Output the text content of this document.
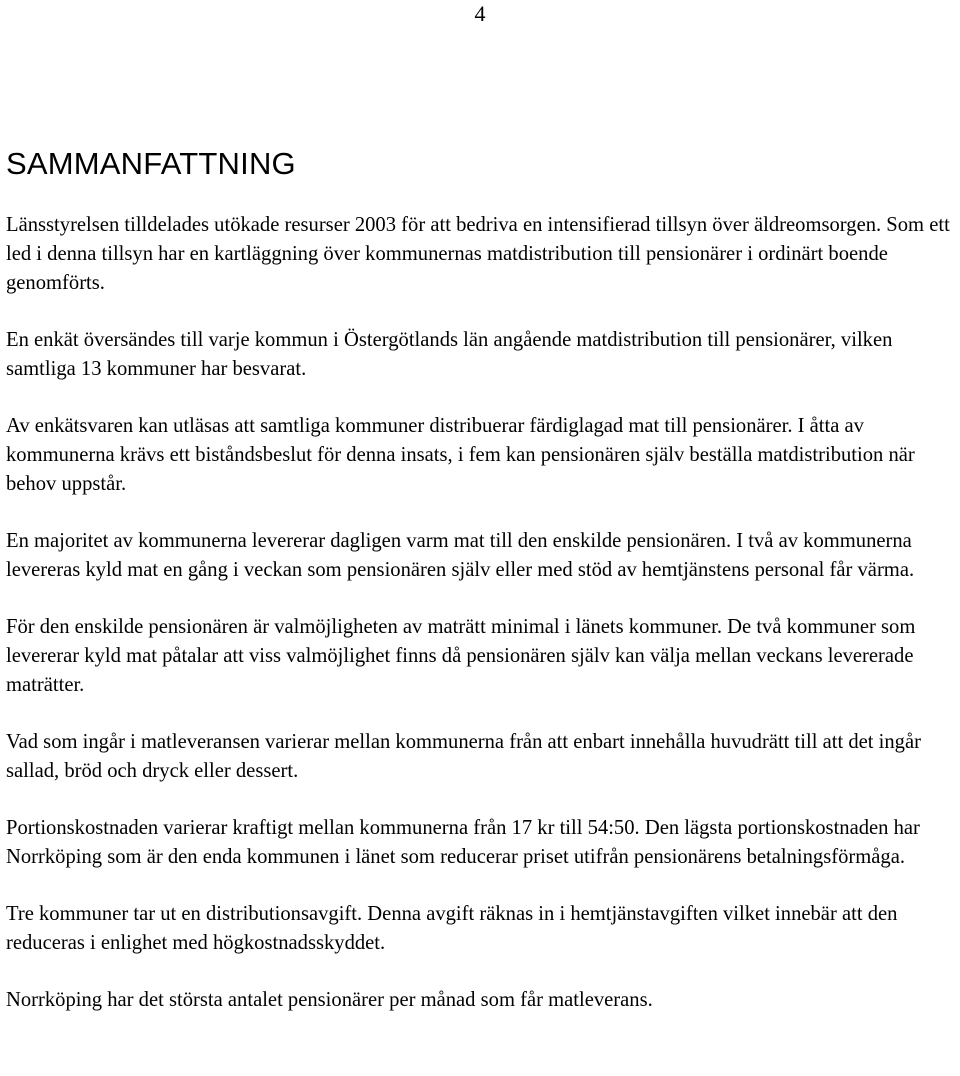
4
SAMMANFATTNING

Länsstyrelsen tilldelades utökade resurser 2003 för att bedriva en intensifierad tillsyn över äldreomsorgen. Som ett led i denna tillsyn har en kartläggning över kommunernas matdistribution till pensionärer i ordinärt boende genomförts.

En enkät översändes till varje kommun i Östergötlands län angående matdistribution till pensionärer, vilken samtliga 13 kommuner har besvarat.

Av enkätsvaren kan utläsas att samtliga kommuner distribuerar färdiglagad mat till pensionärer. I åtta av kommunerna krävs ett biståndsbeslut för denna insats, i fem kan pensionären själv beställa matdistribution när behov uppstår.

En majoritet av kommunerna levererar dagligen varm mat till den enskilde pensionären. I två av kommunerna levereras kyld mat en gång i veckan som pensionären själv eller med stöd av hemtjänstens personal får värma.

För den enskilde pensionären är valmöjligheten av maträtt minimal i länets kommuner. De två kommuner som levererar kyld mat påtalar att viss valmöjlighet finns då pensionären själv kan välja mellan veckans levererade maträtter.

Vad som ingår i matleveransen varierar mellan kommunerna från att enbart innehålla huvudrätt till att det ingår sallad, bröd och dryck eller dessert.

Portionskostnaden varierar kraftigt mellan kommunerna från 17 kr till 54:50. Den lägsta portionskostnaden har Norrköping som är den enda kommunen i länet som reducerar priset utifrån pensionärens betalningsförmåga.

Tre kommuner tar ut en distributionsavgift. Denna avgift räknas in i hemtjänstavgiften vilket innebär att den reduceras i enlighet med högkostnadsskyddet.

Norrköping har det största antalet pensionärer per månad som får matleverans.
